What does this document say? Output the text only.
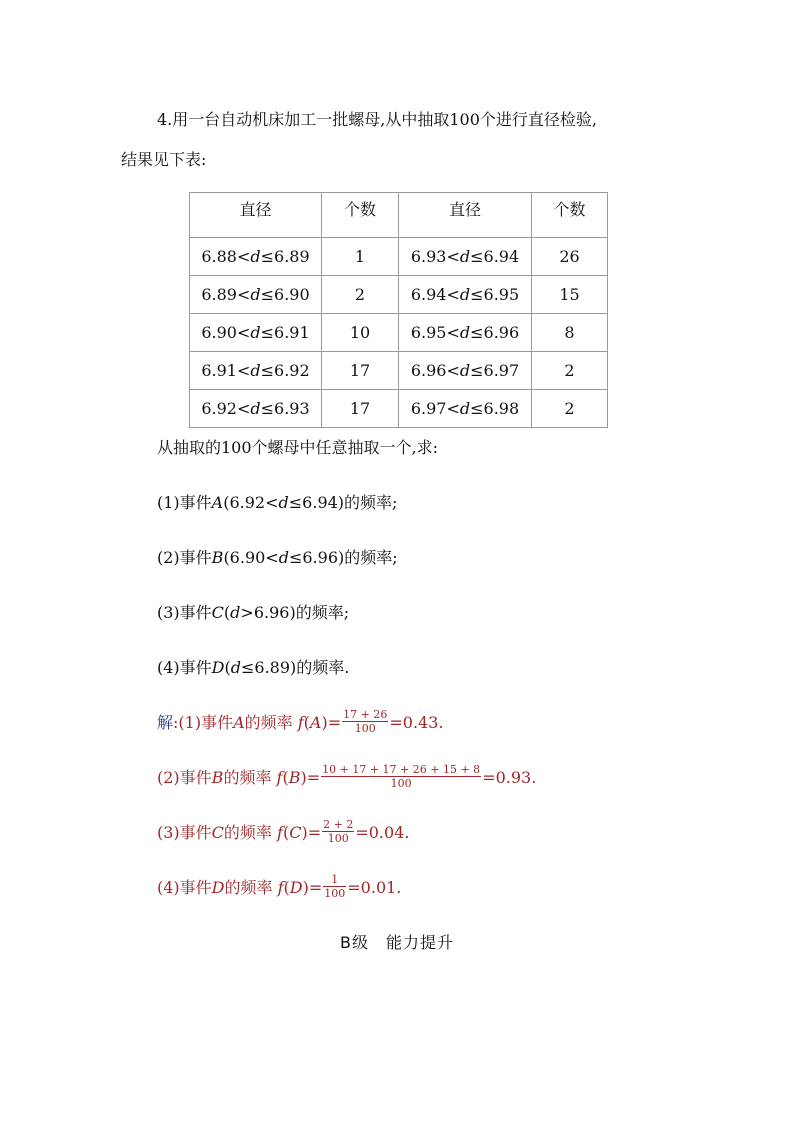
4.用一台自动机床加工一批螺母,从中抽取100个进行直径检验,
结果见下表:
直径	个数	直径	个数
6.88<d≤6.89	1	6.93<d≤6.94	26
6.89<d≤6.90	2	6.94<d≤6.95	15
6.90<d≤6.91	10	6.95<d≤6.96	8
6.91<d≤6.92	17	6.96<d≤6.97	2
6.92<d≤6.93	17	6.97<d≤6.98	2
从抽取的100个螺母中任意抽取一个,求:
(1)事件A(6.92<d≤6.94)的频率;
(2)事件B(6.90<d≤6.96)的频率;
(3)事件C(d>6.96)的频率;
(4)事件D(d≤6.89)的频率.
解:(1)事件A的频率 $f(A)= \frac{17 + 26}{100} =0.43$.
(2)事件B的频率 $f(B)= \frac{10 + 17 + 17 + 26 + 15 + 8}{100} =0.93$.
(3)事件C的频率 $f(C)= \frac{2 + 2}{100} =0.04$.
(4)事件D的频率 $f(D)= \frac{1}{100} =0.01$.
B级　能力提升
